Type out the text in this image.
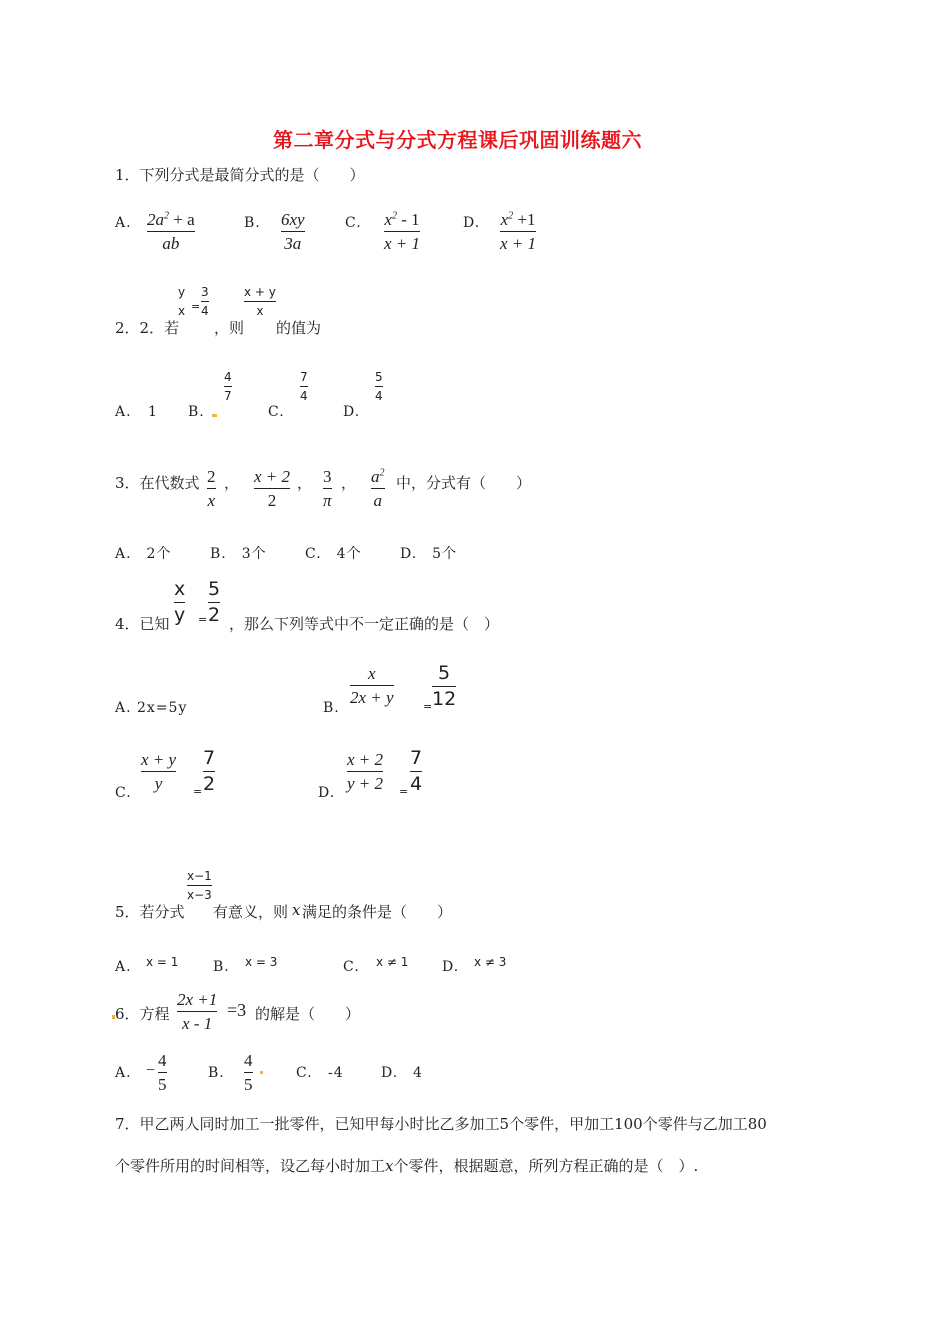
第二章分式与分式方程课后巩固训练题六
1．下列分式是最简分式的是（　　）
A. $2a^2 + a$
ab
B. 6xy
3a
C. $x^2 - 1$
x + 1
D. $x^2 +1$
x + 1
y
x =
3
4
x + y
x
2．2．若 ，则 的值为
A. 1 B.
4
7
C.
7
4
D.
5
4
3．在代数式 2
x
， x + 2
2
， 3
π
， $a^2$
a
中，分式有（　　）
A.　2个	B.　3个	C.　4个	D.　5个
x
y =
5
2
4．已知	，那么下列等式中不一定正确的是（　）
A. 2x=5y	B.
x
2x + y	=
5
12
C.
x + y
y	=
7
2	D.
x + 2
y + 2 =
7
4
x−1
x−3
5．若分式 有意义，则 x 满足的条件是（　　）
A. x = 1 B. x = 3	C. x ≠ 1 D. x ≠ 3
6．方程
2x +1
x - 1
=3 的解是（　　）
A. −
4
5
B.
4
5
C. -4	D. 4
7．甲乙两人同时加工一批零件，已知甲每小时比乙多加工5个零件，甲加工100个零件与乙加工80
个零件所用的时间相等，设乙每小时加工x个零件，根据题意，所列方程正确的是（　）.
